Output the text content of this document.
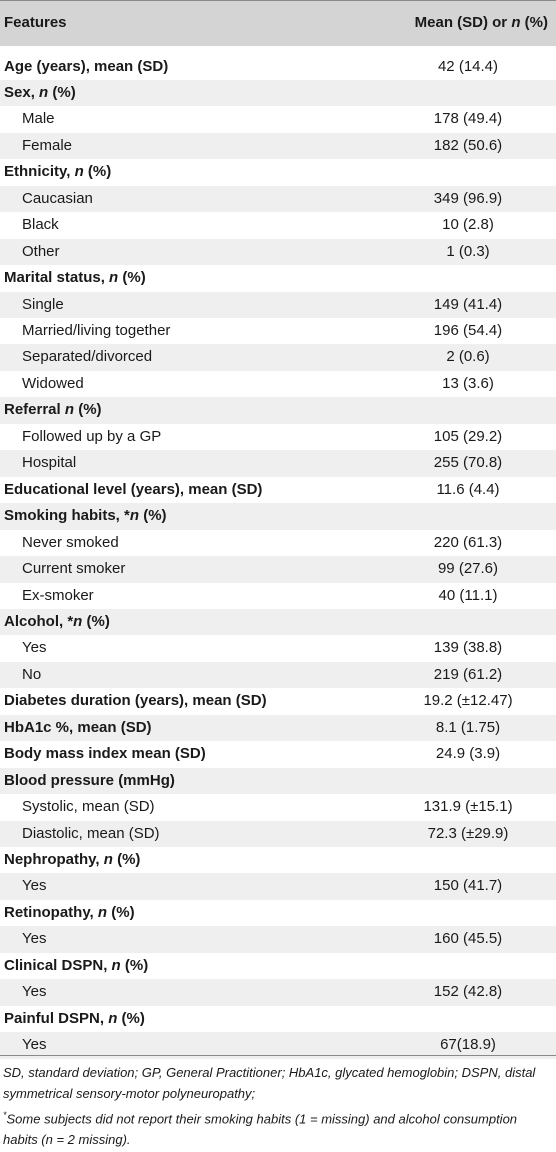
Features	Mean (SD) or n (%)
Age (years), mean (SD)	42 (14.4)
Sex, n (%)
Male	178 (49.4)
Female	182 (50.6)
Ethnicity, n (%)
Caucasian	349 (96.9)
Black	10 (2.8)
Other	1 (0.3)
Marital status, n (%)
Single	149 (41.4)
Married/living together	196 (54.4)
Separated/divorced	2 (0.6)
Widowed	13 (3.6)
Referral n (%)
Followed up by a GP	105 (29.2)
Hospital	255 (70.8)
Educational level (years), mean (SD)	11.6 (4.4)
Smoking habits, *n (%)
Never smoked	220 (61.3)
Current smoker	99 (27.6)
Ex-smoker	40 (11.1)
Alcohol, *n (%)
Yes	139 (38.8)
No	219 (61.2)
Diabetes duration (years), mean (SD)	19.2 (±12.47)
HbA1c %, mean (SD)	8.1 (1.75)
Body mass index mean (SD)	24.9 (3.9)
Blood pressure (mmHg)
Systolic, mean (SD)	131.9 (±15.1)
Diastolic, mean (SD)	72.3 (±29.9)
Nephropathy, n (%)
Yes	150 (41.7)
Retinopathy, n (%)
Yes	160 (45.5)
Clinical DSPN, n (%)
Yes	152 (42.8)
Painful DSPN, n (%)
Yes	67(18.9)
SD, standard deviation; GP, General Practitioner; HbA1c, glycated hemoglobin; DSPN, distal symmetrical sensory-motor polyneuropathy;
*Some subjects did not report their smoking habits (1 = missing) and alcohol consumption habits (n = 2 missing).
